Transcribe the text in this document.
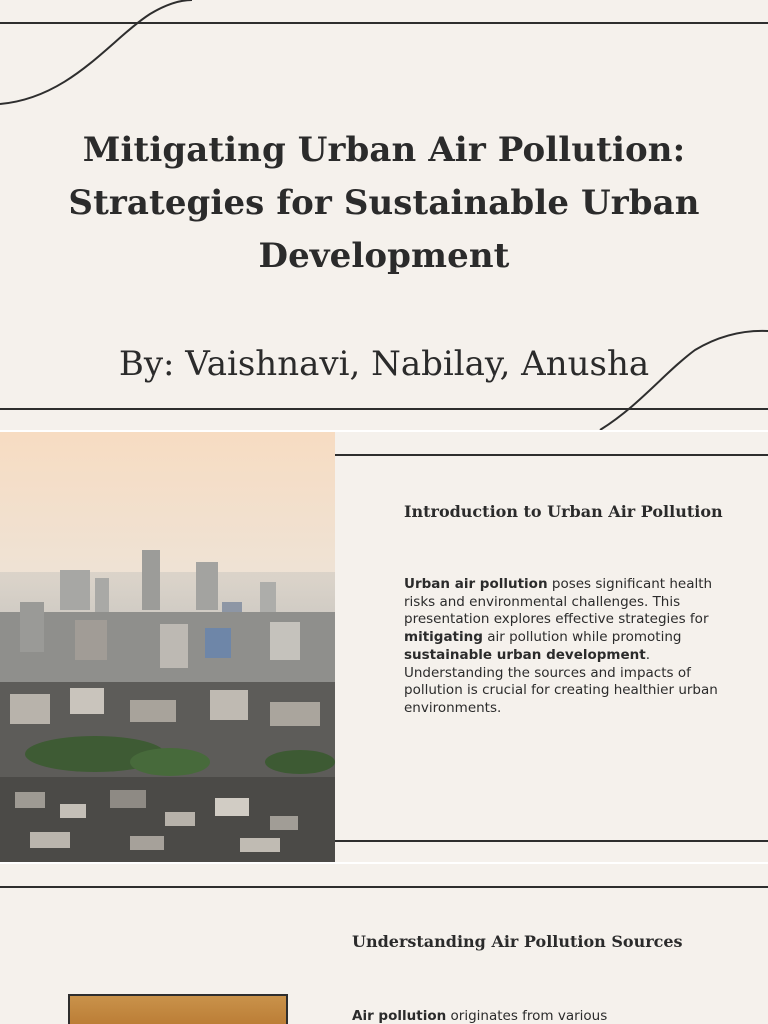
Mitigating Urban Air Pollution:
Strategies for Sustainable Urban
Development
By: Vaishnavi, Nabilay, Anusha
Introduction to Urban Air Pollution

Urban air pollution poses significant health risks and environmental challenges. This presentation explores effective strategies for mitigating air pollution while promoting sustainable urban development. Understanding the sources and impacts of pollution is crucial for creating healthier urban environments.

Understanding Air Pollution Sources

Air pollution originates from various
